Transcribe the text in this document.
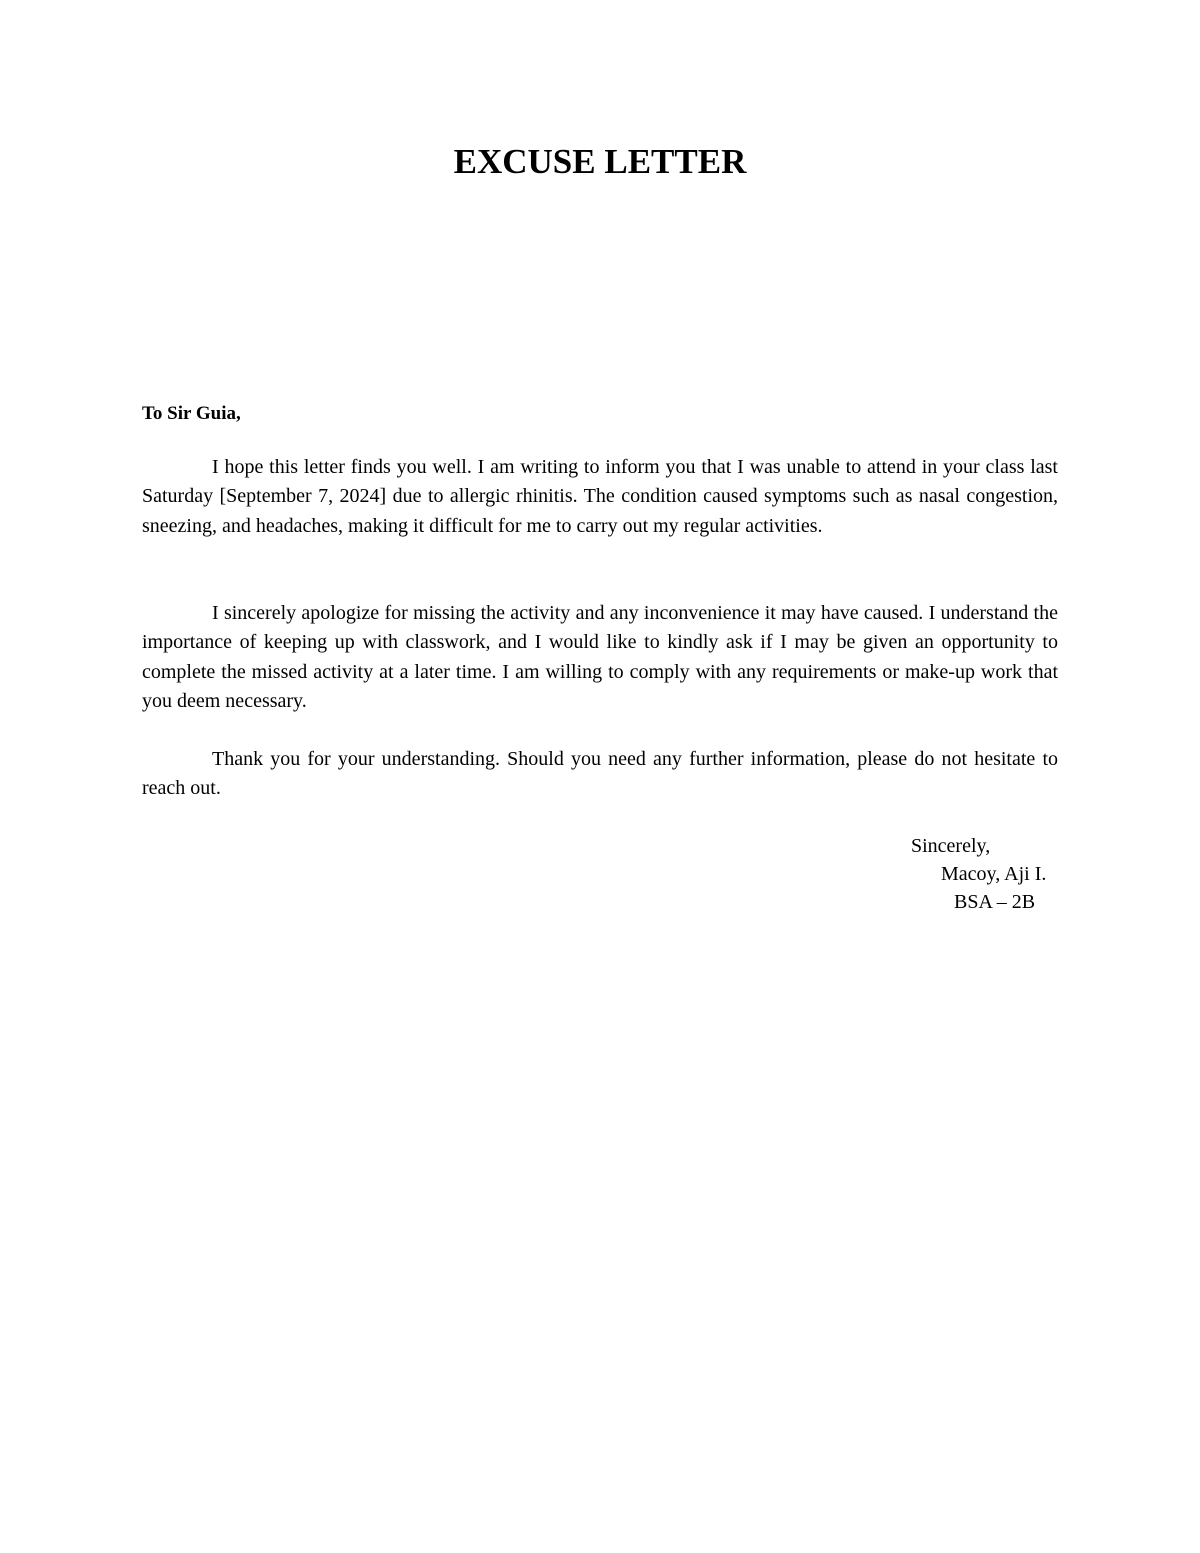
EXCUSE LETTER

To Sir Guia,

I hope this letter finds you well. I am writing to inform you that I was unable to attend in your class last Saturday [September 7, 2024] due to allergic rhinitis. The condition caused symptoms such as nasal congestion, sneezing, and headaches, making it difficult for me to carry out my regular activities.

I sincerely apologize for missing the activity and any inconvenience it may have caused. I understand the importance of keeping up with classwork, and I would like to kindly ask if I may be given an opportunity to complete the missed activity at a later time. I am willing to comply with any requirements or make-up work that you deem necessary.

Thank you for your understanding. Should you need any further information, please do not hesitate to reach out.

Sincerely,

Macoy, Aji I.

BSA – 2B
